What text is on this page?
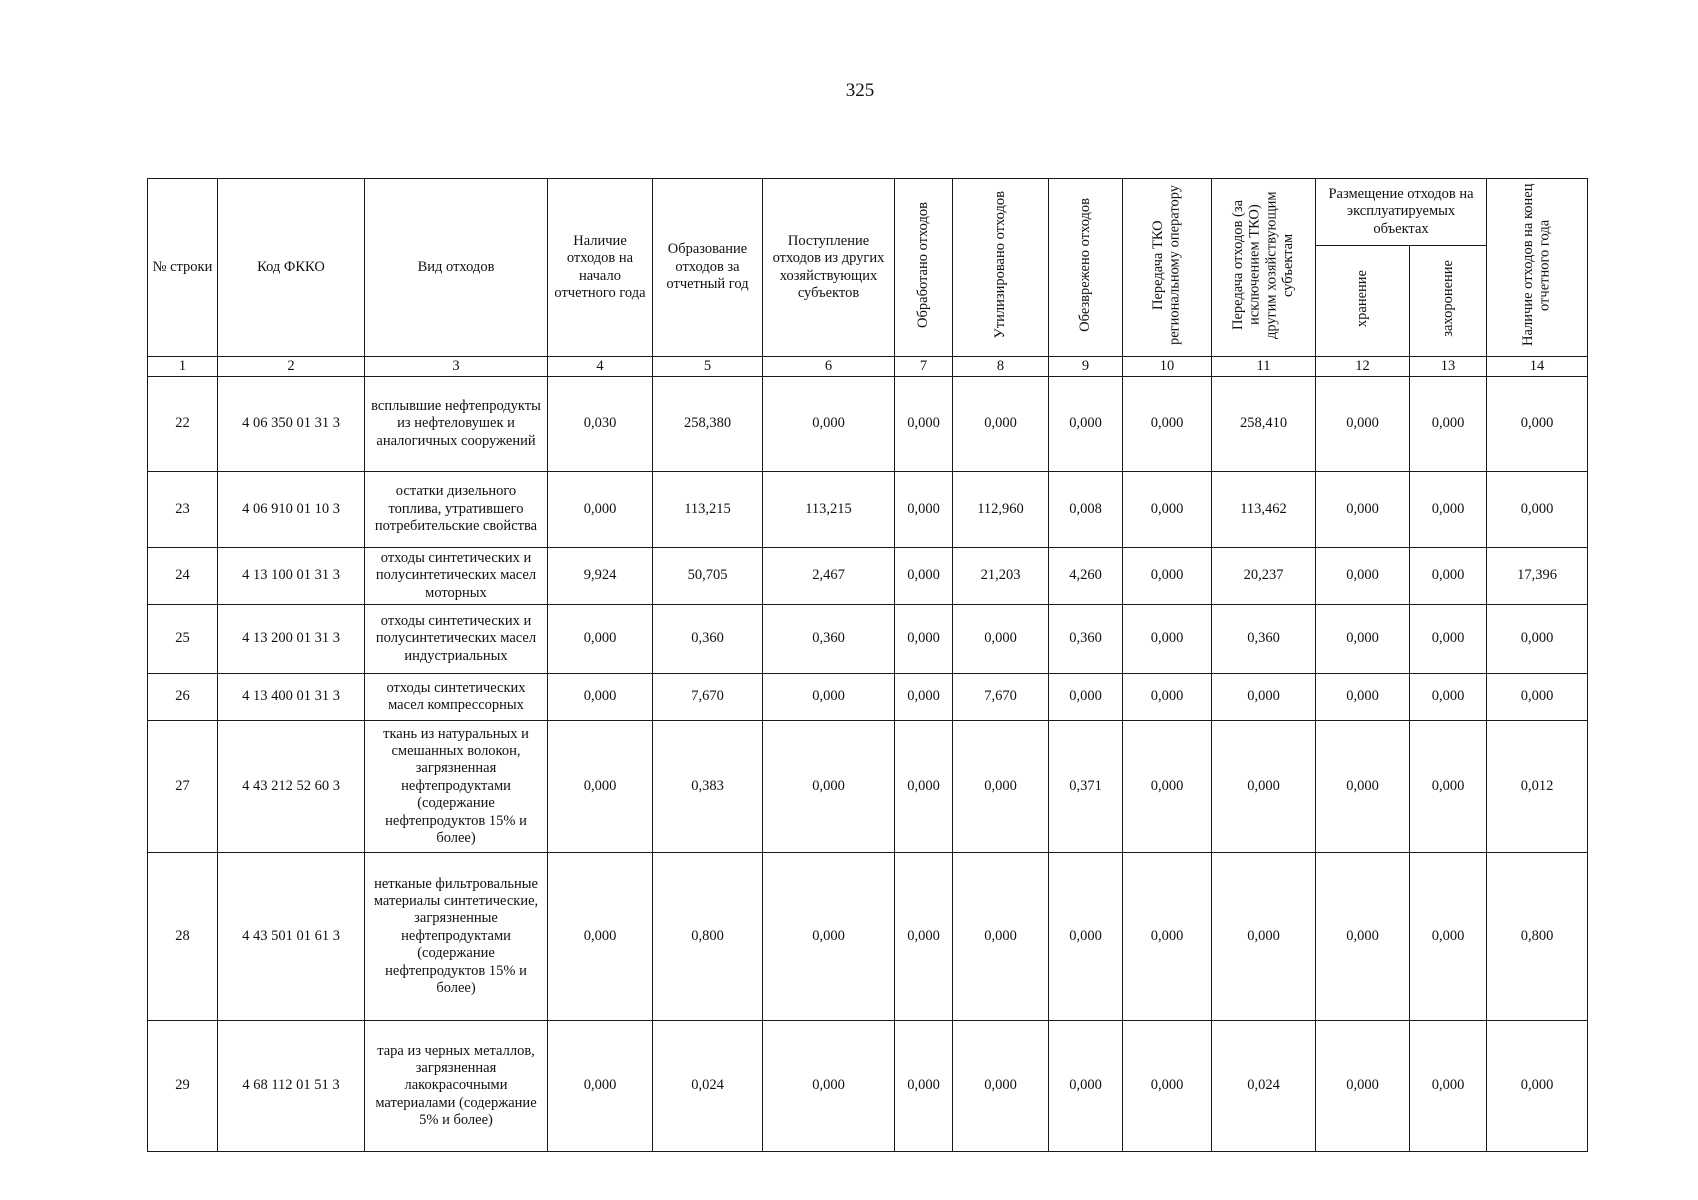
325
№ строки	Код ФККО	Вид отходов	Наличие отходов на начало отчетного года	Образование отходов за отчетный год	Поступление отходов из других хозяйствующих субъектов	Обработано отходов	Утилизировано отходов	Обезврежено отходов	Передача ТКО региональному оператору	Передача отходов (за исключением ТКО) другим хозяйствующим субъектам	Размещение отходов на эксплуатируемых объектах		Наличие отходов на конец отчетного года
											хранение	захоронение	
1	2	3	4	5	6	7	8	9	10	11	12	13	14
22	4 06 350 01 31 3	всплывшие нефтепродукты из нефтеловушек и аналогичных сооружений	0,030	258,380	0,000	0,000	0,000	0,000	0,000	258,410	0,000	0,000	0,000
23	4 06 910 01 10 3	остатки дизельного топлива, утратившего потребительские свойства	0,000	113,215	113,215	0,000	112,960	0,008	0,000	113,462	0,000	0,000	0,000
24	4 13 100 01 31 3	отходы синтетических и полусинтетических масел моторных	9,924	50,705	2,467	0,000	21,203	4,260	0,000	20,237	0,000	0,000	17,396
25	4 13 200 01 31 3	отходы синтетических и полусинтетических масел индустриальных	0,000	0,360	0,360	0,000	0,000	0,360	0,000	0,360	0,000	0,000	0,000
26	4 13 400 01 31 3	отходы синтетических масел компрессорных	0,000	7,670	0,000	0,000	7,670	0,000	0,000	0,000	0,000	0,000	0,000
27	4 43 212 52 60 3	ткань из натуральных и смешанных волокон, загрязненная нефтепродуктами (содержание нефтепродуктов 15% и более)	0,000	0,383	0,000	0,000	0,000	0,371	0,000	0,000	0,000	0,000	0,012
28	4 43 501 01 61 3	нетканые фильтровальные материалы синтетические, загрязненные нефтепродуктами (содержание нефтепродуктов 15% и более)	0,000	0,800	0,000	0,000	0,000	0,000	0,000	0,000	0,000	0,000	0,800
29	4 68 112 01 51 3	тара из черных металлов, загрязненная лакокрасочными материалами (содержание 5% и более)	0,000	0,024	0,000	0,000	0,000	0,000	0,000	0,024	0,000	0,000	0,000
